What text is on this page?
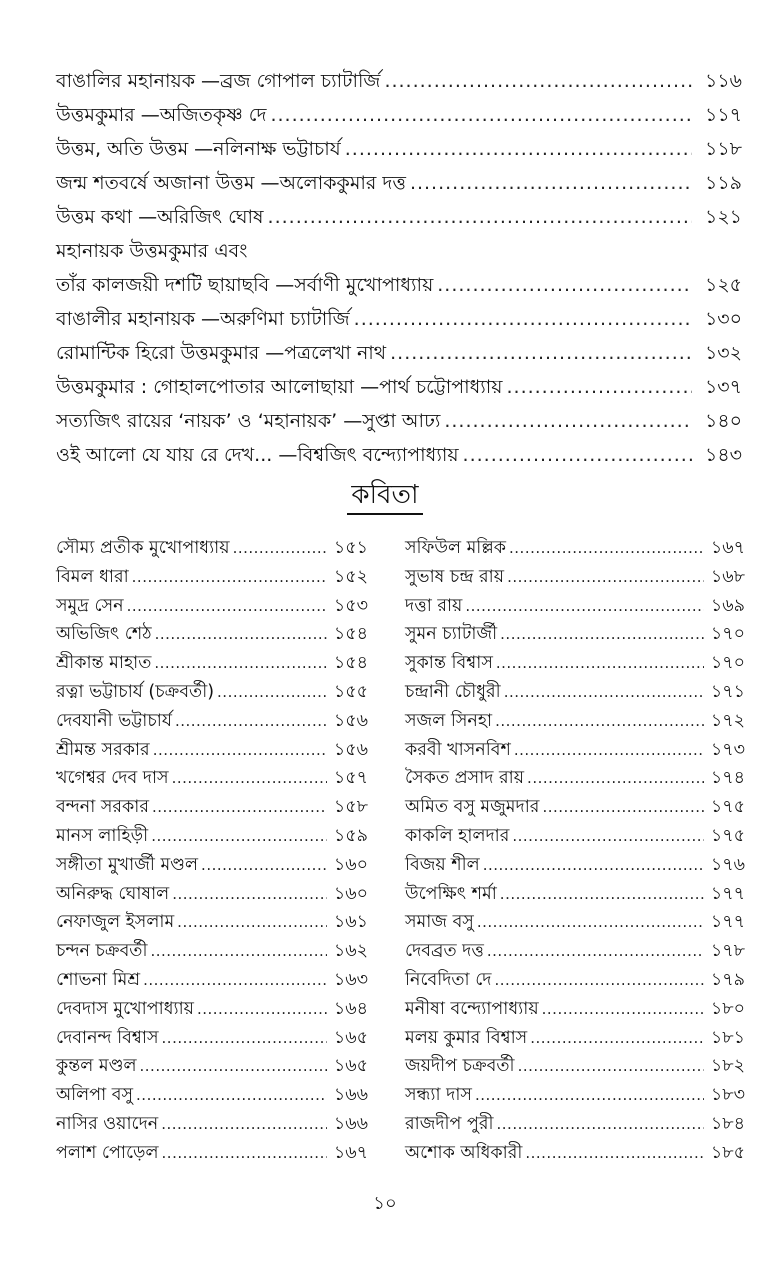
বাঙালির মহানায়ক —ব্রজ গোপাল চ্যাটার্জি .....	১১৬
উত্তমকুমার —অজিতকৃষ্ণ দে .....	১১৭
উত্তম, অতি উত্তম —নলিনাক্ষ ভট্টাচার্য .....	১১৮
জন্ম শতবর্ষে অজানা উত্তম —অলোককুমার দত্ত .....	১১৯
উত্তম কথা —অরিজিৎ ঘোষ .....	১২১
মহানায়ক উত্তমকুমার এবং
তাঁর কালজয়ী দশটি ছায়াছবি —সর্বাণী মুখোপাধ্যায় .....	১২৫
বাঙালীর মহানায়ক —অরুণিমা চ্যাটার্জি .....	১৩০
রোমান্টিক হিরো উত্তমকুমার —পত্রলেখা নাথ .....	১৩২
উত্তমকুমার : গোহালপোতার আলোছায়া —পার্থ চট্টোপাধ্যায় .....	১৩৭
সত্যজিৎ রায়ের ‘নায়ক’ ও ‘মহানায়ক’ —সুপ্তা আঢ্য .....	১৪০
ওই আলো যে যায় রে দেখ... —বিশ্বজিৎ বন্দ্যোপাধ্যায় .....	১৪৩
কবিতা
সৌম্য প্রতীক মুখোপাধ্যায় .....	১৫১
বিমল ধারা .....	১৫২
সমুদ্র সেন .....	১৫৩
অভিজিৎ শেঠ .....	১৫৪
শ্রীকান্ত মাহাত .....	১৫৪
রত্না ভট্টাচার্য (চক্রবর্তী) .....	১৫৫
দেবযানী ভট্টাচার্য .....	১৫৬
শ্রীমন্ত সরকার .....	১৫৬
খগেশ্বর দেব দাস .....	১৫৭
বন্দনা সরকার .....	১৫৮
মানস লাহিড়ী .....	১৫৯
সঙ্গীতা মুখার্জী মণ্ডল .....	১৬০
অনিরুদ্ধ ঘোষাল .....	১৬০
নেফাজুল ইসলাম .....	১৬১
চন্দন চক্রবর্তী .....	১৬২
শোভনা মিশ্র .....	১৬৩
দেবদাস মুখোপাধ্যায় .....	১৬৪
দেবানন্দ বিশ্বাস .....	১৬৫
কুন্তল মণ্ডল .....	১৬৫
অলিপা বসু .....	১৬৬
নাসির ওয়াদেন .....	১৬৬
পলাশ পোড়েল .....	১৬৭
সফিউল মল্লিক .....	১৬৭
সুভাষ চন্দ্র রায় .....	১৬৮
দত্তা রায় .....	১৬৯
সুমন চ্যাটার্জী .....	১৭০
সুকান্ত বিশ্বাস .....	১৭০
চন্দ্রানী চৌধুরী .....	১৭১
সজল সিনহা .....	১৭২
করবী খাসনবিশ .....	১৭৩
সৈকত প্রসাদ রায় .....	১৭৪
অমিত বসু মজুমদার .....	১৭৫
কাকলি হালদার .....	১৭৫
বিজয় শীল .....	১৭৬
উপেক্ষিৎ শর্মা .....	১৭৭
সমাজ বসু .....	১৭৭
দেবব্রত দত্ত .....	১৭৮
নিবেদিতা দে .....	১৭৯
মনীষা বন্দ্যোপাধ্যায় .....	১৮০
মলয় কুমার বিশ্বাস .....	১৮১
জয়দীপ চক্রবর্তী .....	১৮২
সন্ধ্যা দাস .....	১৮৩
রাজদীপ পুরী .....	১৮৪
অশোক অধিকারী .....	১৮৫
১০
